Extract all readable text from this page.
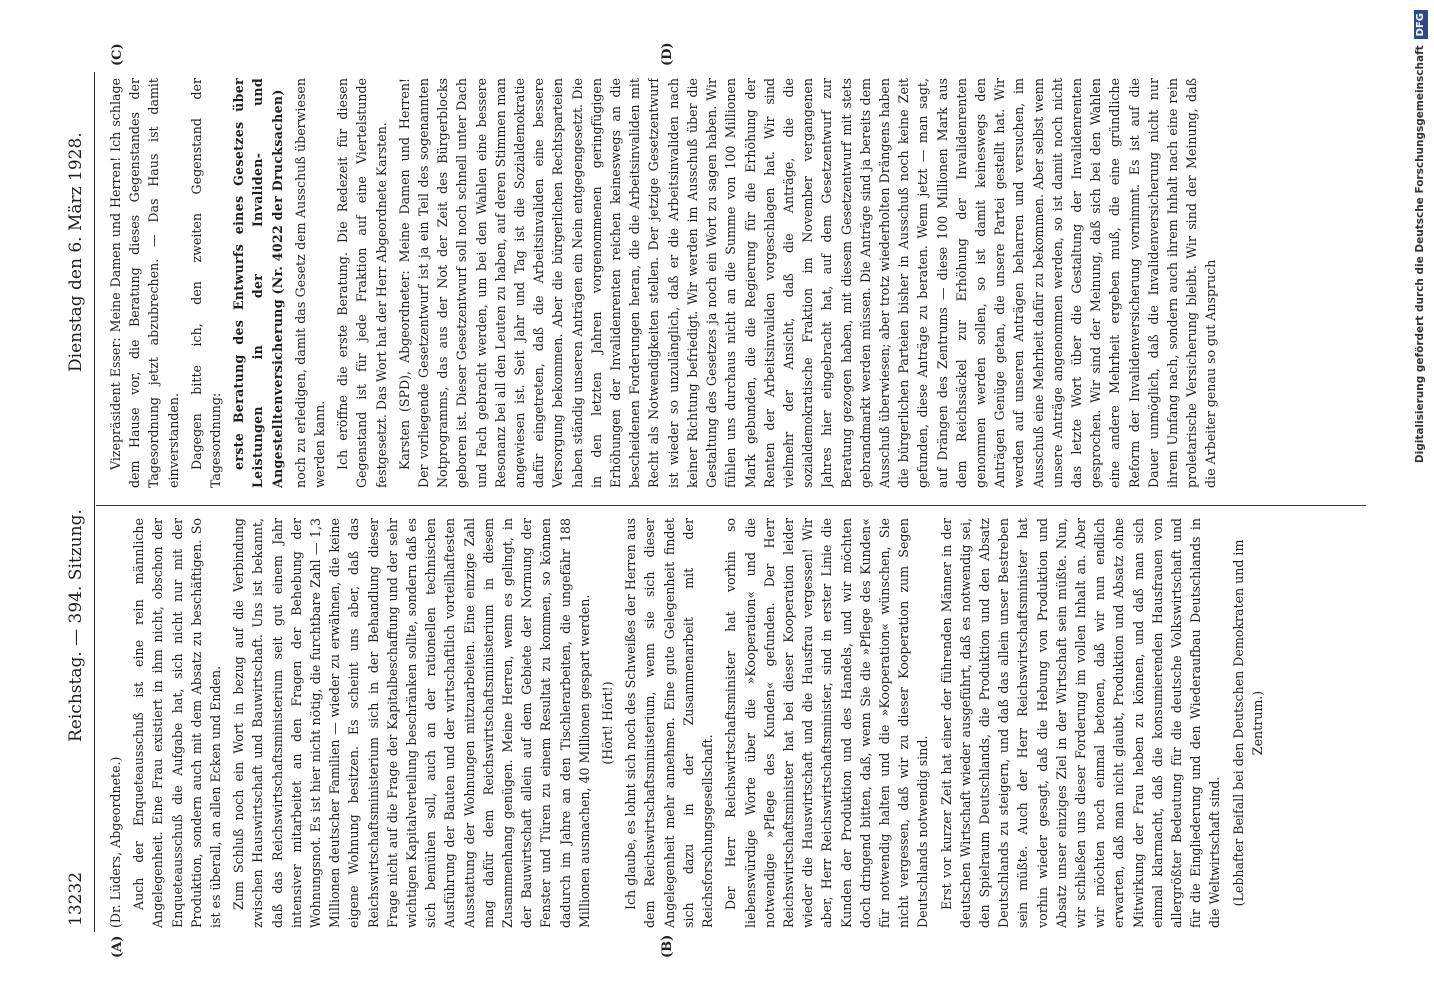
13232
Reichstag. — 394. Sitzung.
Dienstag den 6. März 1928.
(A)	(B)
(C)	(D)

(Dr. Lüders, Abgeordnete.) Auch der Enqueteausschuß ist eine rein männliche Angelegenheit. Eine Frau existiert in ihm nicht, obschon der Enqueteausschuß die Aufgabe hat, sich nicht nur mit der Produktion, sondern auch mit dem Absatz zu beschäftigen. So ist es überall, an allen Ecken und Enden. Zum Schluß noch ein Wort in bezug auf die Verbindung zwischen Hauswirtschaft und Bauwirtschaft. Uns ist bekannt, daß das Reichswirtschaftsministerium seit gut einem Jahr intensiver mitarbeitet an den Fragen der Behebung der Wohnungsnot. Es ist hier nicht nötig, die furchtbare Zahl — 1,3 Millionen deutscher Familien — wieder zu erwähnen, die keine eigene Wohnung besitzen. Es scheint uns aber, daß das Reichswirtschaftsministerium sich in der Behandlung dieser Frage nicht auf die Frage der Kapitalbeschaffung und der sehr wichtigen Kapitalverteilung beschränken sollte, sondern daß es sich bemühen soll, auch an der rationellen technischen Ausführung der Bauten und der wirtschaftlich vorteilhaftesten Ausstattung der Wohnungen mitzuarbeiten. Eine einzige Zahl mag dafür dem Reichswirtschaftsministerium in diesem Zusammenhang genügen. Meine Herren, wenn es gelingt, in der Bauwirtschaft allein auf dem Gebiete der Normung der Fenster und Türen zu einem Resultat zu kommen, so können dadurch im Jahre an den Tischlerarbeiten, die ungefähr 188 Millionen ausmachen, 40 Millionen gespart werden. (Hört! Hört!) Ich glaube, es lohnt sich noch des Schweißes der Herren aus dem Reichswirtschaftsministerium, wenn sie sich dieser Angelegenheit mehr annehmen. Eine gute Gelegenheit findet sich dazu in der Zusammenarbeit mit der Reichsforschungsgesellschaft. Der Herr Reichswirtschaftsminister hat vorhin so liebenswürdige Worte über die »Kooperation« und die notwendige »Pflege des Kunden« gefunden. Der Herr Reichswirtschaftsminister hat bei dieser Kooperation leider wieder die Hauswirtschaft und die Hausfrau vergessen! Wir aber, Herr Reichswirtschaftsminister, sind in erster Linie die Kunden der Produktion und des Handels, und wir möchten doch dringend bitten, daß, wenn Sie die »Pflege des Kunden« für notwendig halten und die »Kooperation« wünschen, Sie nicht vergessen, daß wir zu dieser Kooperation zum Segen Deutschlands notwendig sind. Erst vor kurzer Zeit hat einer der führenden Männer in der deutschen Wirtschaft wieder ausgeführt, daß es notwendig sei, den Spielraum Deutschlands, die Produktion und den Absatz Deutschlands zu steigern, und daß das allein unser Bestreben sein müßte. Auch der Herr Reichswirtschaftsminister hat vorhin wieder gesagt, daß die Hebung von Produktion und Absatz unser einziges Ziel in der Wirtschaft sein müßte. Nun, wir schließen uns dieser Forderung im vollen Inhalt an. Aber wir möchten noch einmal betonen, daß wir nun endlich erwarten, daß man nicht glaubt, Produktion und Absatz ohne Mitwirkung der Frau heben zu können, und daß man sich einmal klarmacht, daß die konsumierenden Hausfrauen von allergrößter Bedeutung für die deutsche Volkswirtschaft und für die Eingliederung und den Wiederaufbau Deutschlands in die Weltwirtschaft sind. (Lebhafter Beifall bei den Deutschen Demokraten und im Zentrum.)

Vizepräsident Esser: Meine Damen und Herren! Ich schlage dem Hause vor, die Beratung dieses Gegenstandes der Tagesordnung jetzt abzubrechen. — Das Haus ist damit einverstanden. Dagegen bitte ich, den zweiten Gegenstand der Tagesordnung: erste Beratung des Entwurfs eines Gesetzes über Leistungen in der Invaliden- und Angestelltenversicherung (Nr. 4022 der Drucksachen) noch zu erledigen, damit das Gesetz dem Ausschuß überwiesen werden kann. Ich eröffne die erste Beratung. Die Redezeit für diesen Gegenstand ist für jede Fraktion auf eine Viertelstunde festgesetzt. Das Wort hat der Herr Abgeordnete Karsten. Karsten (SPD), Abgeordneter: Meine Damen und Herren! Der vorliegende Gesetzentwurf ist ja ein Teil des sogenannten Notprogramms, das aus der Not der Zeit des Bürgerblocks geboren ist. Dieser Gesetzentwurf soll noch schnell unter Dach und Fach gebracht werden, um bei den Wahlen eine bessere Resonanz bei all den Leuten zu haben, auf deren Stimmen man angewiesen ist. Seit Jahr und Tag ist die Sozialdemokratie dafür eingetreten, daß die Arbeitsinvaliden eine bessere Versorgung bekommen. Aber die bürgerlichen Rechtsparteien haben ständig unseren Anträgen ein Nein entgegengesetzt. Die in den letzten Jahren vorgenommenen geringfügigen Erhöhungen der Invalidenrenten reichen keineswegs an die bescheidenen Forderungen heran, die die Arbeitsinvaliden mit Recht als Notwendigkeiten stellen. Der jetzige Gesetzentwurf ist wieder so unzulänglich, daß er die Arbeitsinvaliden nach keiner Richtung befriedigt. Wir werden im Ausschuß über die Gestaltung des Gesetzes ja noch ein Wort zu sagen haben. Wir fühlen uns durchaus nicht an die Summe von 100 Millionen Mark gebunden, die die Regierung für die Erhöhung der Renten der Arbeitsinvaliden vorgeschlagen hat. Wir sind vielmehr der Ansicht, daß die Anträge, die die sozialdemokratische Fraktion im November vergangenen Jahres hier eingebracht hat, auf dem Gesetzentwurf zur Beratung gezogen haben, mit diesem Gesetzentwurf mit stets gebrandmarkt werden müssen. Die Anträge sind ja bereits dem Ausschuß überwiesen; aber trotz wiederholten Drängens haben die bürgerlichen Parteien bisher in Ausschuß noch keine Zeit gefunden, diese Anträge zu beraten. Wenn jetzt — man sagt, auf Drängen des Zentrums — diese 100 Millionen Mark aus dem Reichssäckel zur Erhöhung der Invalidenrenten genommen werden sollen, so ist damit keineswegs den Anträgen Genüge getan, die unsere Partei gestellt hat. Wir werden auf unseren Anträgen beharren und versuchen, im Ausschuß eine Mehrheit dafür zu bekommen. Aber selbst wenn unsere Anträge angenommen werden, so ist damit noch nicht das letzte Wort über die Gestaltung der Invalidenrenten gesprochen. Wir sind der Meinung, daß sich bei den Wahlen eine andere Mehrheit ergeben muß, die eine gründliche Reform der Invalidenversicherung vornimmt. Es ist auf die Dauer unmöglich, daß die Invalidenversicherung nicht nur ihrem Umfang nach, sondern auch ihrem Inhalt nach eine rein proletarische Versicherung bleibt. Wir sind der Meinung, daß die Arbeiter genau so gut Anspruch	Digitalisierung gefördert durch die Deutsche ForschungsgemeinschaftDFG
